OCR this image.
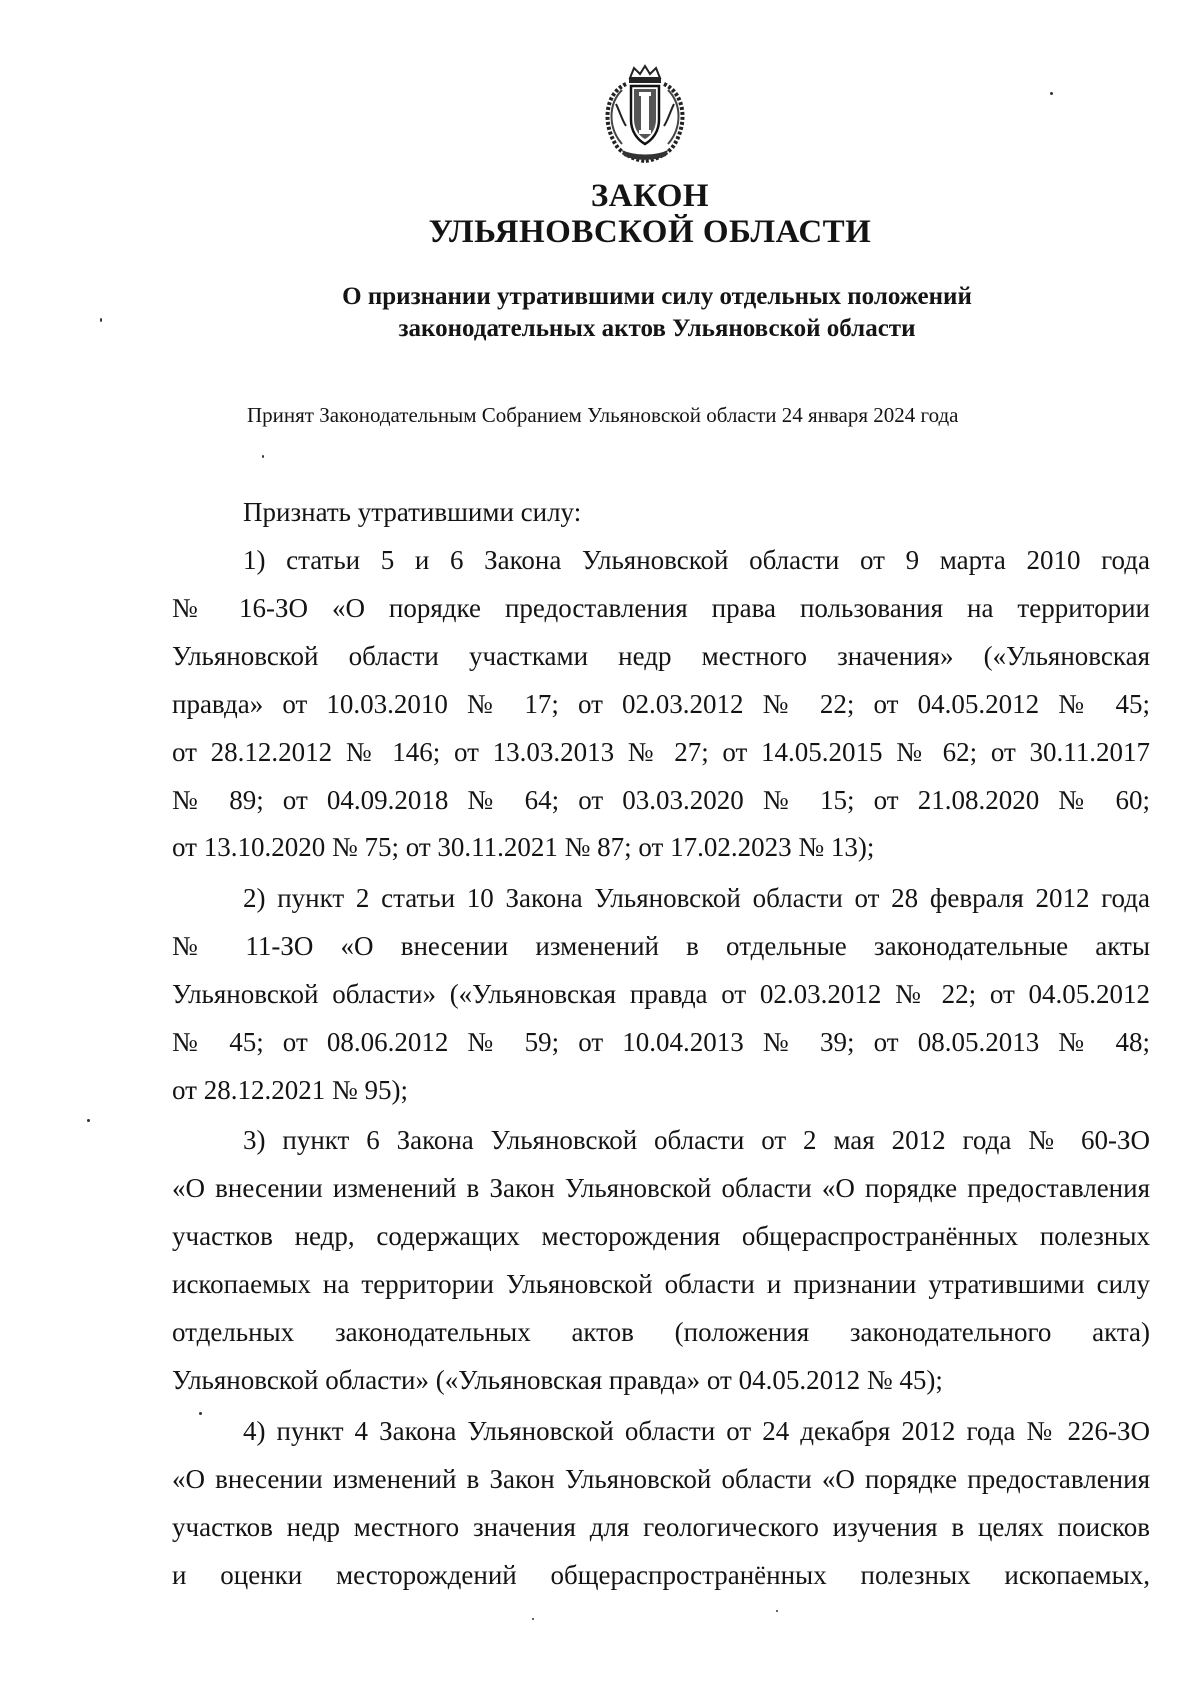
ЗАКОН
УЛЬЯНОВСКОЙ ОБЛАСТИ
О признании утратившими силу отдельных положений
законодательных актов Ульяновской области
Принят Законодательным Собранием Ульяновской области 24 января 2024 года
Признать утратившими силу:
1) статьи 5 и 6 Закона Ульяновской области от 9 марта 2010 года
№ 16-ЗО «О порядке предоставления права пользования на территории
Ульяновской области участками недр местного значения» («Ульяновская
правда» от 10.03.2010 № 17; от 02.03.2012 № 22; от 04.05.2012 № 45;
от 28.12.2012 № 146; от 13.03.2013 № 27; от 14.05.2015 № 62; от 30.11.2017
№ 89; от 04.09.2018 № 64; от 03.03.2020 № 15; от 21.08.2020 № 60;
от 13.10.2020 № 75; от 30.11.2021 № 87; от 17.02.2023 № 13);
2) пункт 2 статьи 10 Закона Ульяновской области от 28 февраля 2012 года
№ 11-ЗО «О внесении изменений в отдельные законодательные акты
Ульяновской области» («Ульяновская правда от 02.03.2012 № 22; от 04.05.2012
№ 45; от 08.06.2012 № 59; от 10.04.2013 № 39; от 08.05.2013 № 48;
от 28.12.2021 № 95);
3) пункт 6 Закона Ульяновской области от 2 мая 2012 года № 60-ЗО
«О внесении изменений в Закон Ульяновской области «О порядке предоставления
участков недр, содержащих месторождения общераспространённых полезных
ископаемых на территории Ульяновской области и признании утратившими силу
отдельных законодательных актов (положения законодательного акта)
Ульяновской области» («Ульяновская правда» от 04.05.2012 № 45);
4) пункт 4 Закона Ульяновской области от 24 декабря 2012 года № 226-ЗО
«О внесении изменений в Закон Ульяновской области «О порядке предоставления
участков недр местного значения для геологического изучения в целях поисков
и оценки месторождений общераспространённых полезных ископаемых,
